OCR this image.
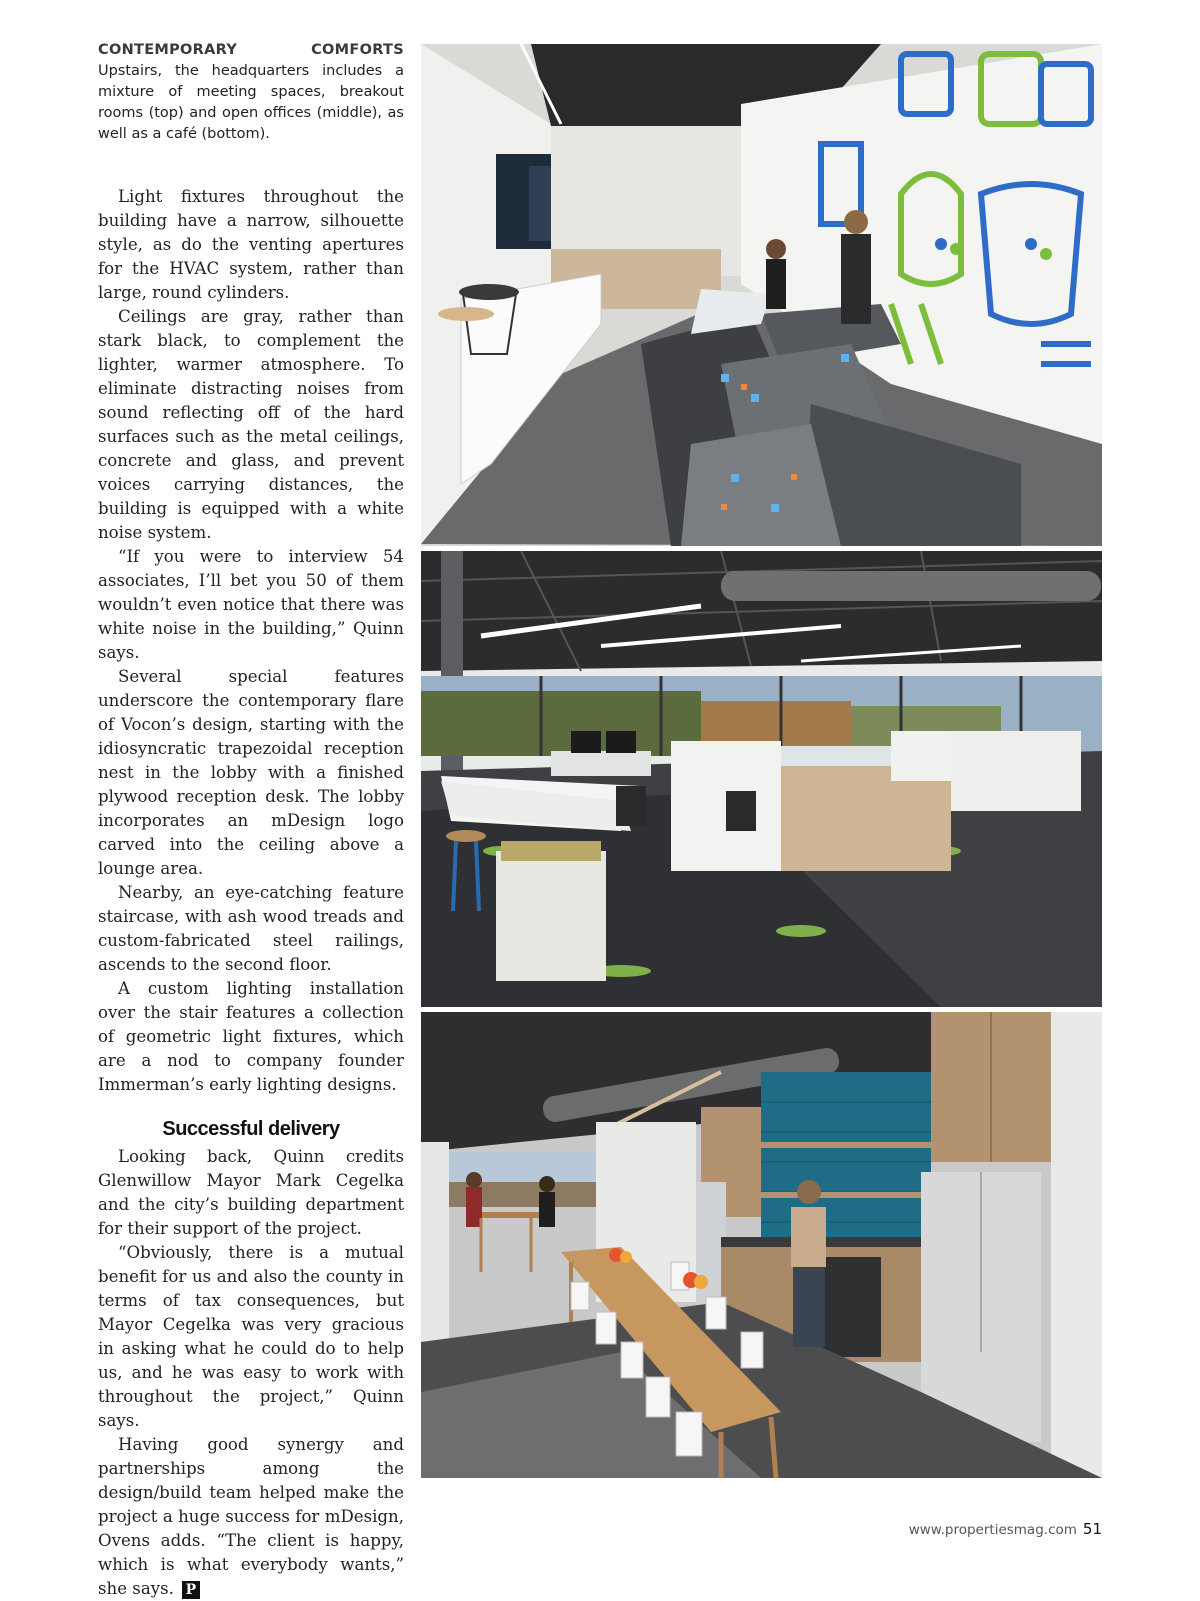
CONTEMPORARY COMFORTS Upstairs, the headquarters includes a mixture of meeting spaces, breakout rooms (top) and open offices (middle), as well as a café (bottom).

Light fixtures throughout the building have a narrow, silhouette style, as do the venting apertures for the HVAC system, rather than large, round cylinders.

Ceilings are gray, rather than stark black, to complement the lighter, warmer atmosphere. To eliminate distracting noises from sound reflecting off of the hard surfaces such as the metal ceilings, concrete and glass, and prevent voices carrying distances, the building is equipped with a white noise system.

“If you were to interview 54 associates, I’ll bet you 50 of them wouldn’t even notice that there was white noise in the building,” Quinn says.

Several special features underscore the contemporary flare of Vocon’s design, starting with the idiosyncratic trapezoidal reception nest in the lobby with a finished plywood reception desk. The lobby incorporates an mDesign logo carved into the ceiling above a lounge area.

Nearby, an eye-catching feature staircase, with ash wood treads and custom-fabricated steel railings, ascends to the second floor.

A custom lighting installation over the stair features a collection of geometric light fixtures, which are a nod to company founder Immerman’s early lighting designs.

Successful delivery

Looking back, Quinn credits Glenwillow Mayor Mark Cegelka and the city’s building department for their support of the project.

“Obviously, there is a mutual benefit for us and also the county in terms of tax consequences, but Mayor Cegelka was very gracious in asking what he could do to help us, and he was easy to work with throughout the project,” Quinn says.

Having good synergy and partnerships among the design/build team helped make the project a huge success for mDesign, Ovens adds. “The client is happy, which is what everybody wants,” she says. P

www.propertiesmag.com 51
